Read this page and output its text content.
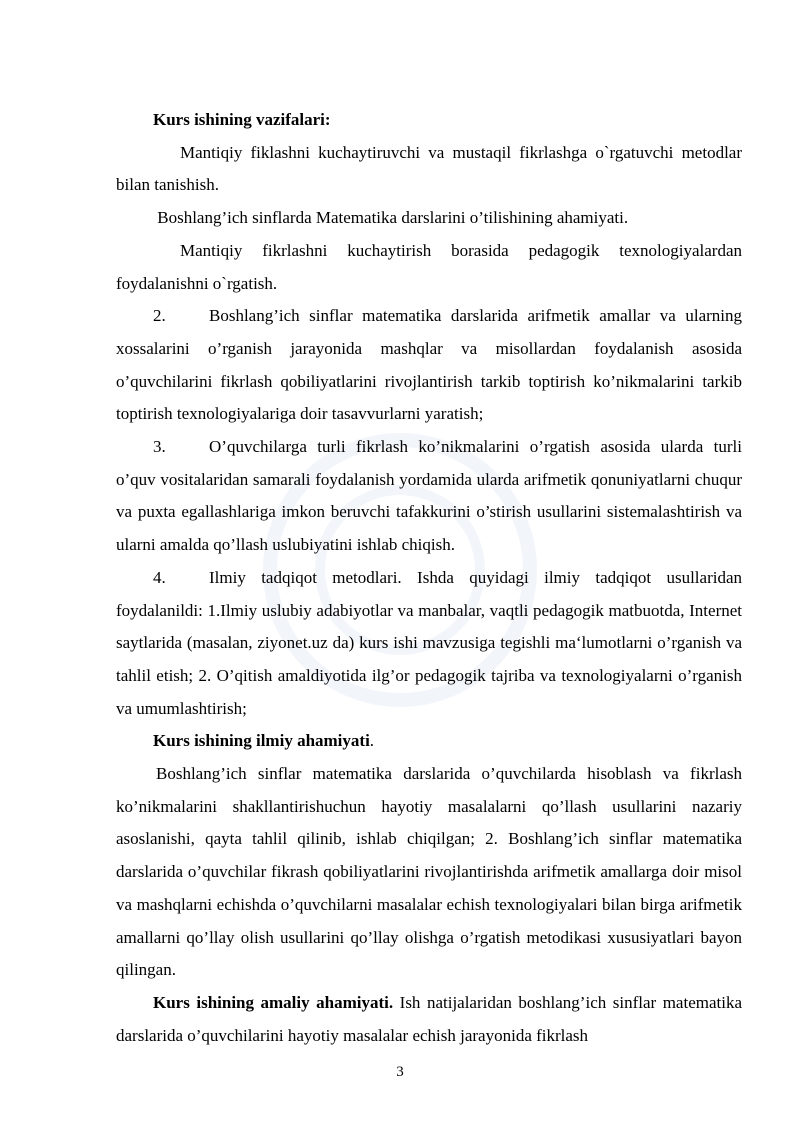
Kurs ishining vazifalari:

Mantiqiy fiklashni kuchaytiruvchi va mustaqil fikrlashga o`rgatuvchi metodlar bilan tanishish.

Boshlang’ich sinflarda Matematika darslarini o’tilishining ahamiyati.

Mantiqiy fikrlashni kuchaytirish borasida pedagogik texnologiyalardan foydalanishni o`rgatish.

2.	Boshlang’ich sinflar matematika darslarida arifmetik amallar va ularning xossalarini o’rganish jarayonida mashqlar va misollardan foydalanish asosida o’quvchilarini fikrlash qobiliyatlarini rivojlantirish tarkib toptirish ko’nikmalarini tarkib toptirish texnologiyalariga doir tasavvurlarni yaratish;

3.	O’quvchilarga turli fikrlash ko’nikmalarini o’rgatish asosida ularda turli o’quv vositalaridan samarali foydalanish yordamida ularda arifmetik qonuniyatlarni chuqur va puxta egallashlariga imkon beruvchi tafakkurini o’stirish usullarini sistemalashtirish va ularni amalda qo’llash uslubiyatini ishlab chiqish.

4.	Ilmiy tadqiqot metodlari. Ishda quyidagi ilmiy tadqiqot usullaridan foydalanildi: 1.Ilmiy uslubiy adabiyotlar va manbalar, vaqtli pedagogik matbuotda, Internet saytlarida (masalan, ziyonet.uz da) kurs ishi mavzusiga tegishli ma‘lumotlarni o’rganish va tahlil etish; 2. O’qitish amaldiyotida ilg’or pedagogik tajriba va texnologiyalarni o’rganish va umumlashtirish;

Kurs ishining ilmiy ahamiyati.

Boshlang’ich sinflar matematika darslarida o’quvchilarda hisoblash va fikrlash ko’nikmalarini shakllantirishuchun hayotiy masalalarni qo’llash usullarini nazariy asoslanishi, qayta tahlil qilinib, ishlab chiqilgan; 2. Boshlang’ich sinflar matematika darslarida o’quvchilar fikrash qobiliyatlarini rivojlantirishda arifmetik amallarga doir misol va mashqlarni echishda o’quvchilarni masalalar echish texnologiyalari bilan birga arifmetik amallarni qo’llay olish usullarini qo’llay olishga o’rgatish metodikasi xususiyatlari bayon qilingan.

Kurs ishining amaliy ahamiyati. Ish natijalaridan boshlang’ich sinflar matematika darslarida o’quvchilarini hayotiy masalalar echish jarayonida fikrlash

3
